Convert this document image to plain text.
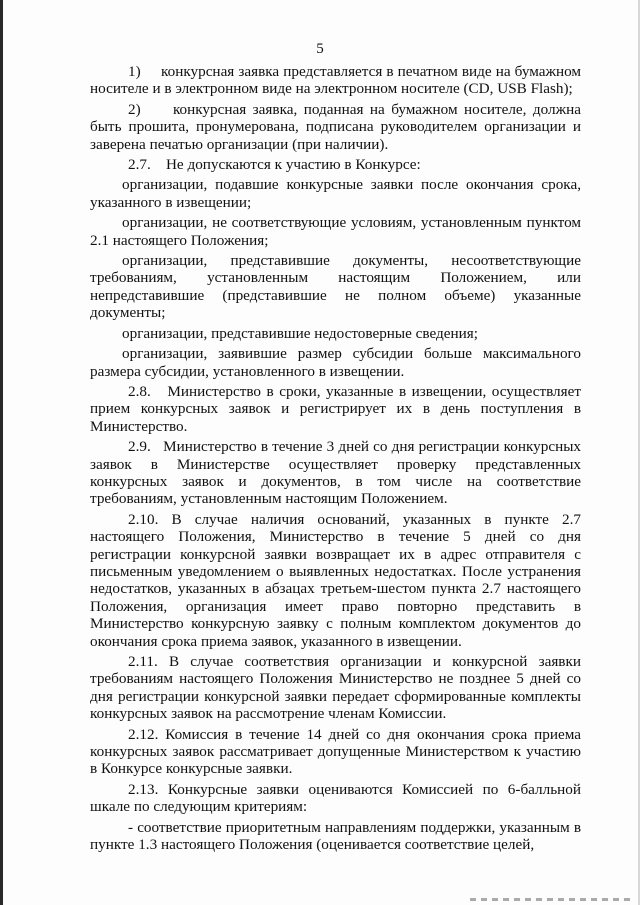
5

1)     конкурсная заявка представляется в печатном виде на бумажном носителе и в электронном виде на электронном носителе (CD, USB Flash);

2)     конкурсная заявка, поданная на бумажном носителе, должна быть прошита, пронумерована, подписана руководителем организации и заверена печатью организации (при наличии).

2.7.    Не допускаются к участию в Конкурсе:

организации, подавшие конкурсные заявки после окончания срока, указанного в извещении;

организации, не соответствующие условиям, установленным пунктом 2.1 настоящего Положения;

организации, представившие документы, несоответствующие требованиям, установленным настоящим Положением, или непредставившие (представившие не полном объеме) указанные документы;

организации, представившие недостоверные сведения;

организации, заявившие размер субсидии больше максимального размера субсидии, установленного в извещении.

2.8.   Министерство в сроки, указанные в извещении, осуществляет прием конкурсных заявок и регистрирует их в день поступления в Министерство.

2.9.   Министерство в течение 3 дней со дня регистрации конкурсных заявок в Министерстве осуществляет проверку представленных конкурсных заявок и документов, в том числе на соответствие требованиям, установленным настоящим Положением.

2.10. В случае наличия оснований, указанных в пункте 2.7 настоящего Положения, Министерство в течение 5 дней со дня регистрации конкурсной заявки возвращает их в адрес отправителя с письменным уведомлением о выявленных недостатках. После устранения недостатков, указанных в абзацах третьем-шестом пункта 2.7 настоящего Положения, организация имеет право повторно представить в Министерство конкурсную заявку с полным комплектом документов до окончания срока приема заявок, указанного в извещении.

2.11. В случае соответствия организации и конкурсной заявки требованиям настоящего Положения Министерство не позднее 5 дней со дня регистрации конкурсной заявки передает сформированные комплекты конкурсных заявок на рассмотрение членам Комиссии.

2.12. Комиссия в течение 14 дней со дня окончания срока приема конкурсных заявок рассматривает допущенные Министерством к участию в Конкурсе конкурсные заявки.

2.13. Конкурсные заявки оцениваются Комиссией по 6-балльной шкале по следующим критериям:

- соответствие приоритетным направлениям поддержки, указанным в пункте 1.3 настоящего Положения (оценивается соответствие целей,
